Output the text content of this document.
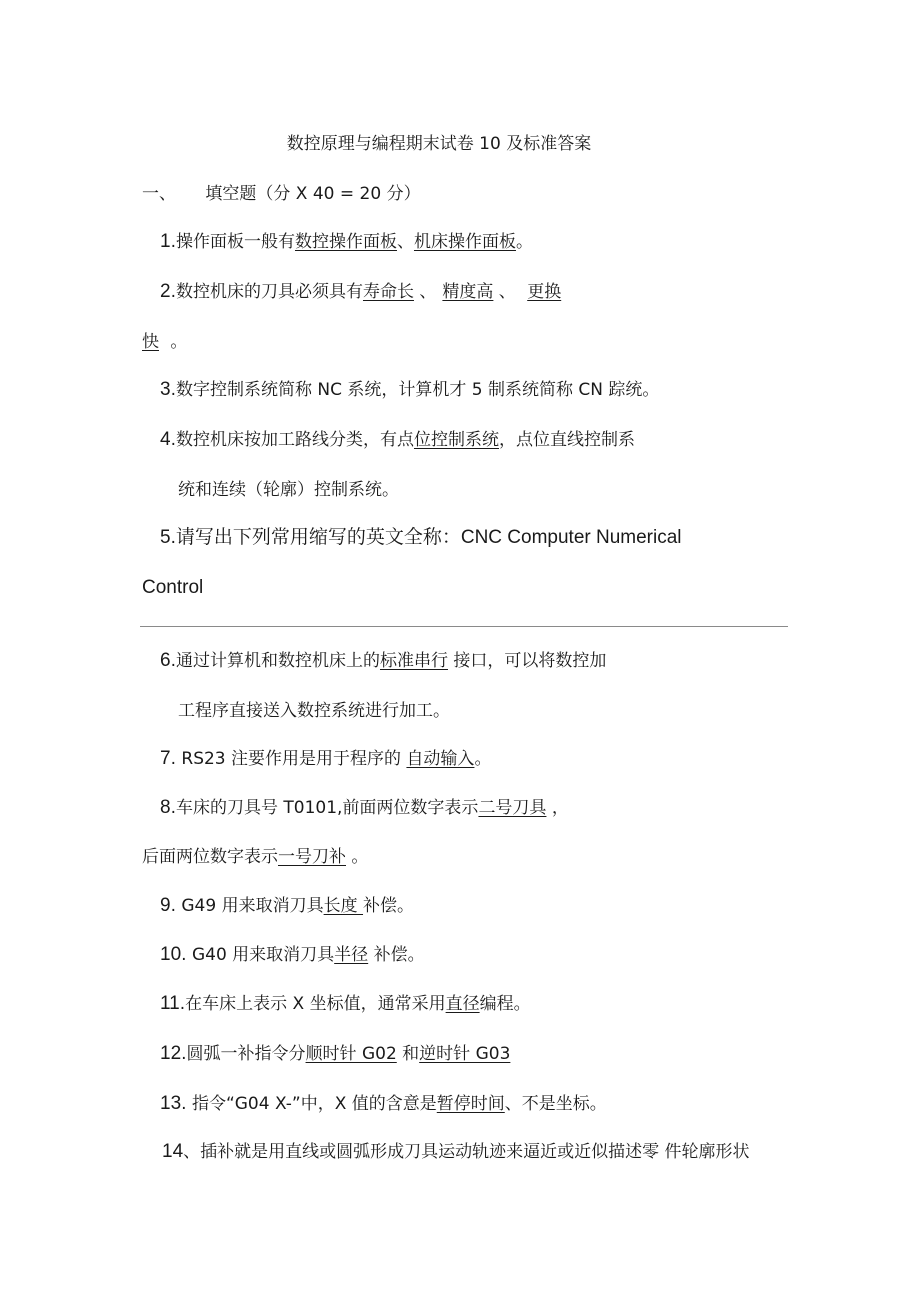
数控原理与编程期末试卷 10 及标准答案
一、 填空题（分 X 40 = 20 分）
1.操作面板一般有数控操作面板、机床操作面板。
2.数控机床的刀具必须具有寿命长 、 精度高 、 更换
快 。
3.数字控制系统简称 NC 系统，计算机才 5 制系统简称 CN 踪统。
4.数控机床按加工路线分类，有点位控制系统，点位直线控制系
统和连续（轮廓）控制系统。
5.请写出下列常用缩写的英文全称：CNC Computer Numerical
Control
6.通过计算机和数控机床上的标准串行 接口，可以将数控加
工程序直接送入数控系统进行加工。
7. RS23 注要作用是用于程序的 自动输入。
8.车床的刀具号 T0101,前面两位数字表示二号刀具 ，
后面两位数字表示一号刀补 。
9. G49 用来取消刀具长度 补偿。
10. G40 用来取消刀具半径 补偿。
11.在车床上表示 X 坐标值，通常采用直径编程。
12.圆弧一补指令分顺时针 G02 和逆时针 G03
13. 指令“G04 X-”中，X 值的含意是暂停时间、不是坐标。
14、插补就是用直线或圆弧形成刀具运动轨迹来逼近或近似描述零 件轮廓形状
